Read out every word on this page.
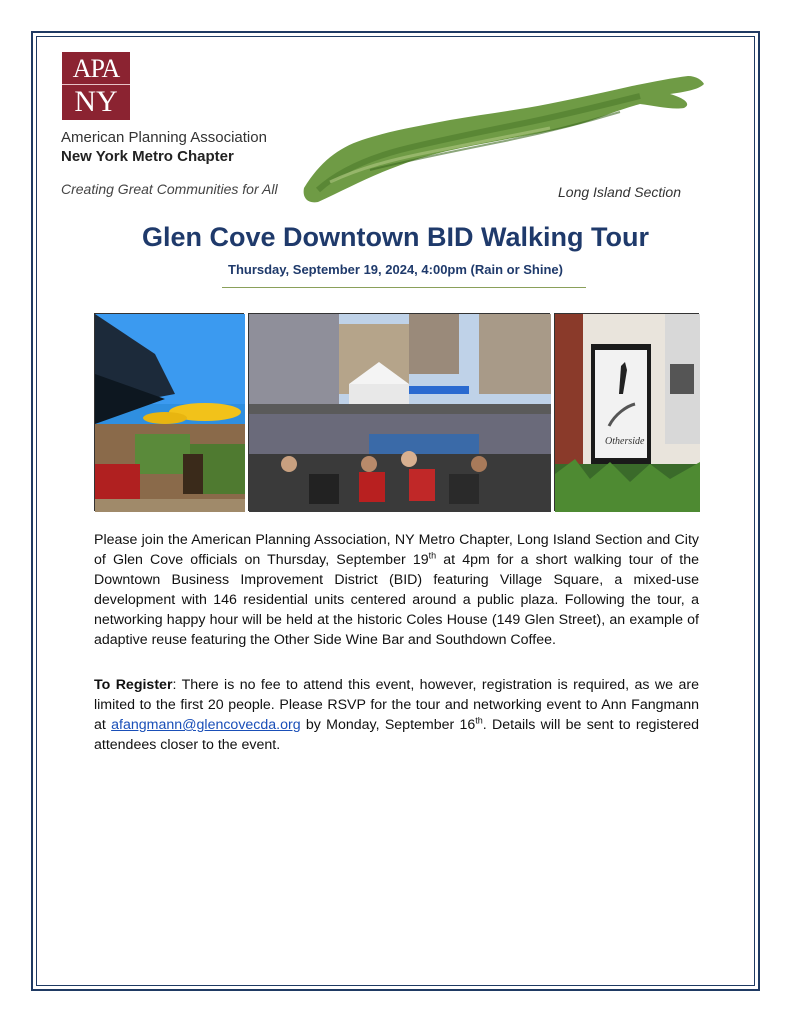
APA
NY
American Planning Association
New York Metro Chapter
Creating Great Communities for All	Long Island Section
Glen Cove Downtown BID Walking Tour
Thursday, September 19, 2024, 4:00pm (Rain or Shine)
© 2023 Gill Associates Photography
Otherside
Please join the American Planning Association, NY Metro Chapter, Long Island Section and City of Glen Cove officials on Thursday, September 19th at 4pm for a short walking tour of the Downtown Business Improvement District (BID) featuring Village Square, a mixed-use development with 146 residential units centered around a public plaza. Following the tour, a networking happy hour will be held at the historic Coles House (149 Glen Street), an example of adaptive reuse featuring the Other Side Wine Bar and Southdown Coffee.
To Register: There is no fee to attend this event, however, registration is required, as we are limited to the first 20 people. Please RSVP for the tour and networking event to Ann Fangmann at afangmann@glencovecda.org by Monday, September 16th. Details will be sent to registered attendees closer to the event.
